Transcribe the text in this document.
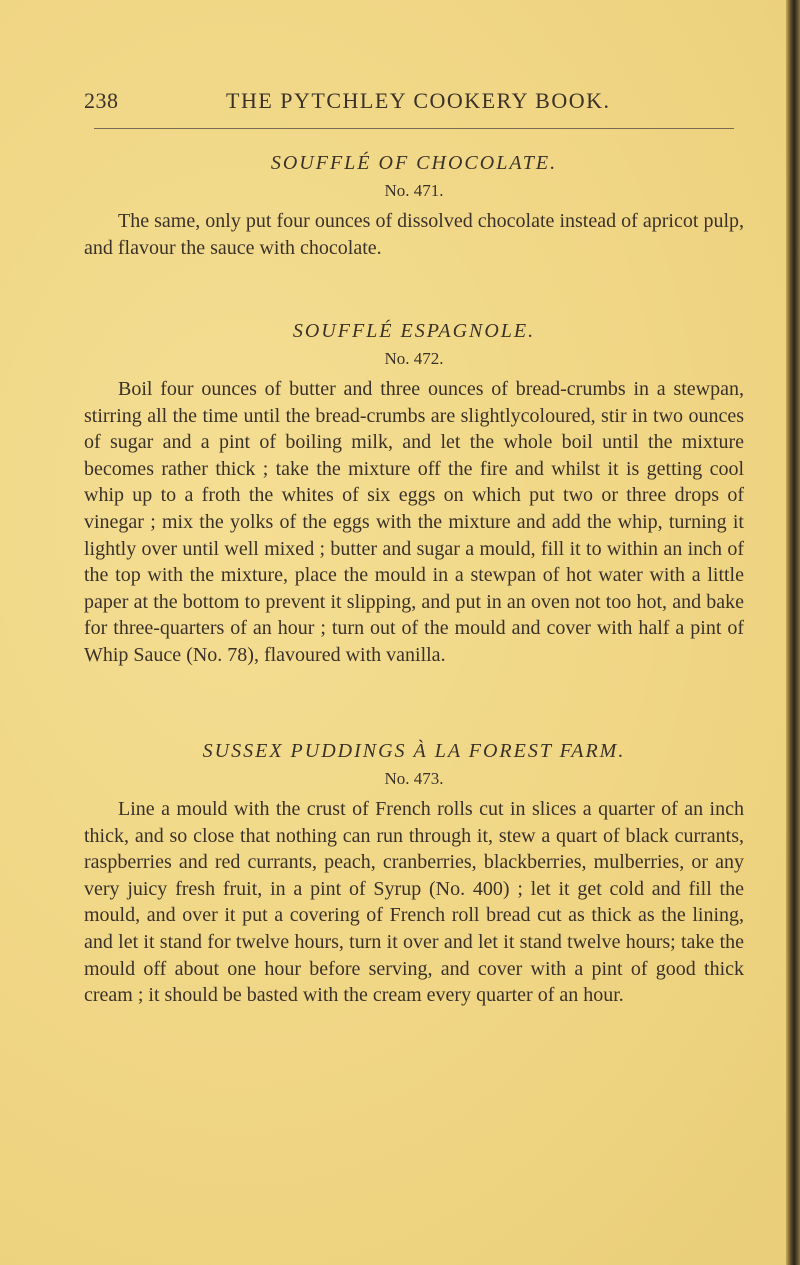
238	THE PYTCHLEY COOKERY BOOK.

SOUFFLÉ OF CHOCOLATE.

No. 471.

The same, only put four ounces of dissolved chocolate instead of apricot pulp, and flavour the sauce with chocolate.

SOUFFLÉ ESPAGNOLE.

No. 472.

Boil four ounces of butter and three ounces of bread-crumbs in a stewpan, stirring all the time until the bread-crumbs are slightlycoloured, stir in two ounces of sugar and a pint of boiling milk, and let the whole boil until the mixture becomes rather thick ; take the mixture off the fire and whilst it is getting cool whip up to a froth the whites of six eggs on which put two or three drops of vinegar ; mix the yolks of the eggs with the mixture and add the whip, turning it lightly over until well mixed ; butter and sugar a mould, fill it to within an inch of the top with the mixture, place the mould in a stewpan of hot water with a little paper at the bottom to prevent it slipping, and put in an oven not too hot, and bake for three-quarters of an hour ; turn out of the mould and cover with half a pint of Whip Sauce (No. 78), flavoured with vanilla.

SUSSEX PUDDINGS À LA FOREST FARM.

No. 473.

Line a mould with the crust of French rolls cut in slices a quarter of an inch thick, and so close that nothing can run through it, stew a quart of black currants, raspberries and red currants, peach, cranberries, blackberries, mulberries, or any very juicy fresh fruit, in a pint of Syrup (No. 400) ; let it get cold and fill the mould, and over it put a covering of French roll bread cut as thick as the lining, and let it stand for twelve hours, turn it over and let it stand twelve hours; take the mould off about one hour before serving, and cover with a pint of good thick cream ; it should be basted with the cream every quarter of an hour.
